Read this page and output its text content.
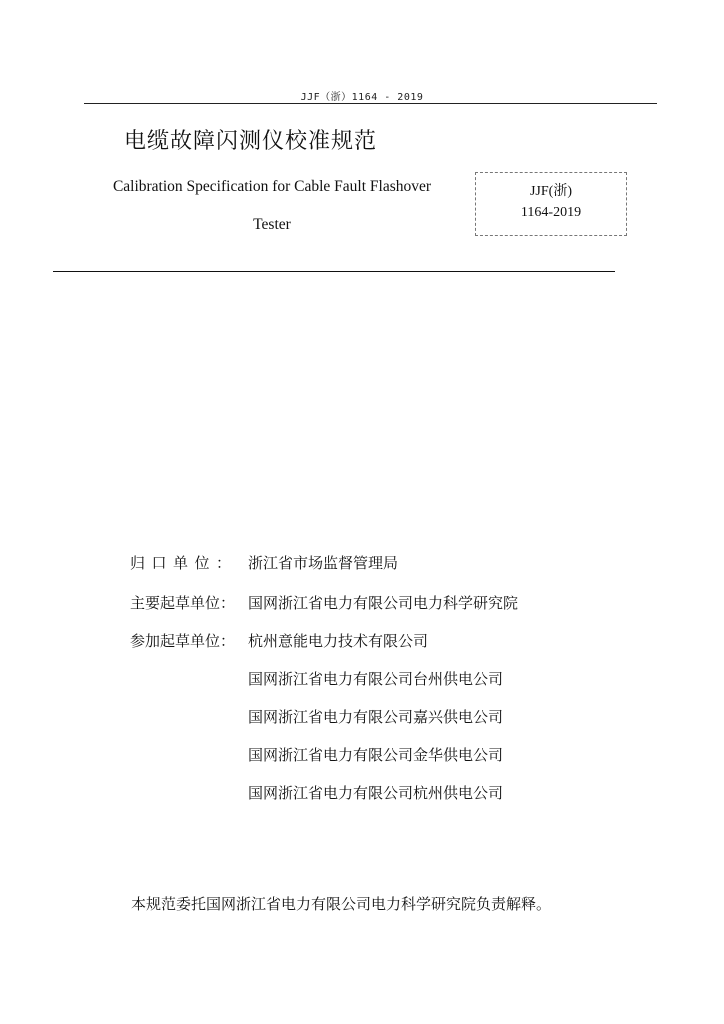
JJF（浙）1164 - 2019
电缆故障闪测仪校准规范
Calibration Specification for Cable Fault Flashover
Tester
JJF(浙)
1164-2019
归口单位： 浙江省市场监督管理局
主要起草单位： 国网浙江省电力有限公司电力科学研究院
参加起草单位： 杭州意能电力技术有限公司
国网浙江省电力有限公司台州供电公司
国网浙江省电力有限公司嘉兴供电公司
国网浙江省电力有限公司金华供电公司
国网浙江省电力有限公司杭州供电公司
本规范委托国网浙江省电力有限公司电力科学研究院负责解释。
